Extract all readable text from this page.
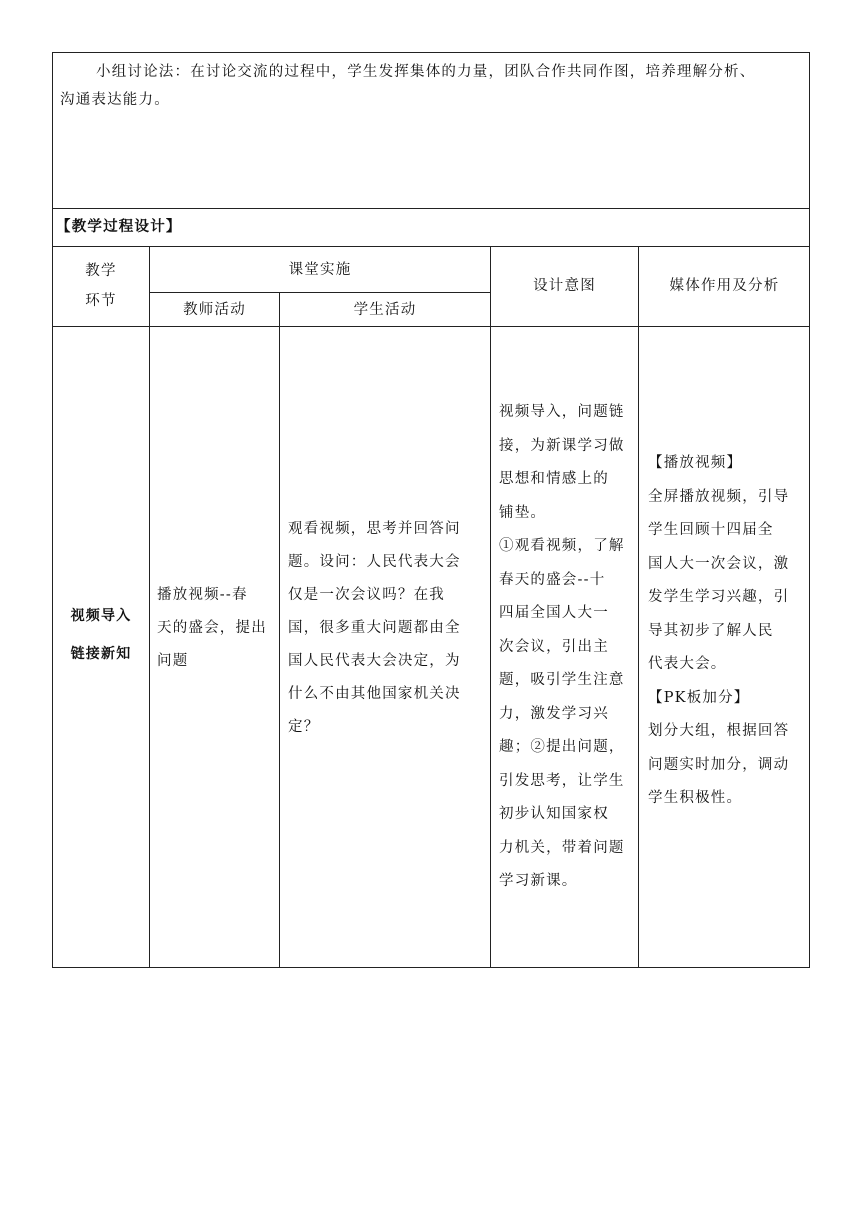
小组讨论法：在讨论交流的过程中，学生发挥集体的力量，团队合作共同作图，培养理解分析、
沟通表达能力。
【教学过程设计】
教学
环节
课堂实施
教师活动	学生活动
设计意图	媒体作用及分析
视频导入
链接新知
播放视频--春
天的盛会，提出
问题
观看视频，思考并回答问
题。设问：人民代表大会
仅是一次会议吗？在我
国，很多重大问题都由全
国人民代表大会决定，为
什么不由其他国家机关决
定？
视频导入，问题链
接，为新课学习做
思想和情感上的
铺垫。
①观看视频，了解
春天的盛会--十
四届全国人大一
次会议，引出主
题，吸引学生注意
力，激发学习兴
趣；②提出问题，
引发思考，让学生
初步认知国家权
力机关，带着问题
学习新课。
【播放视频】
全屏播放视频，引导
学生回顾十四届全
国人大一次会议，激
发学生学习兴趣，引
导其初步了解人民
代表大会。
【PK板加分】
划分大组，根据回答
问题实时加分，调动
学生积极性。
